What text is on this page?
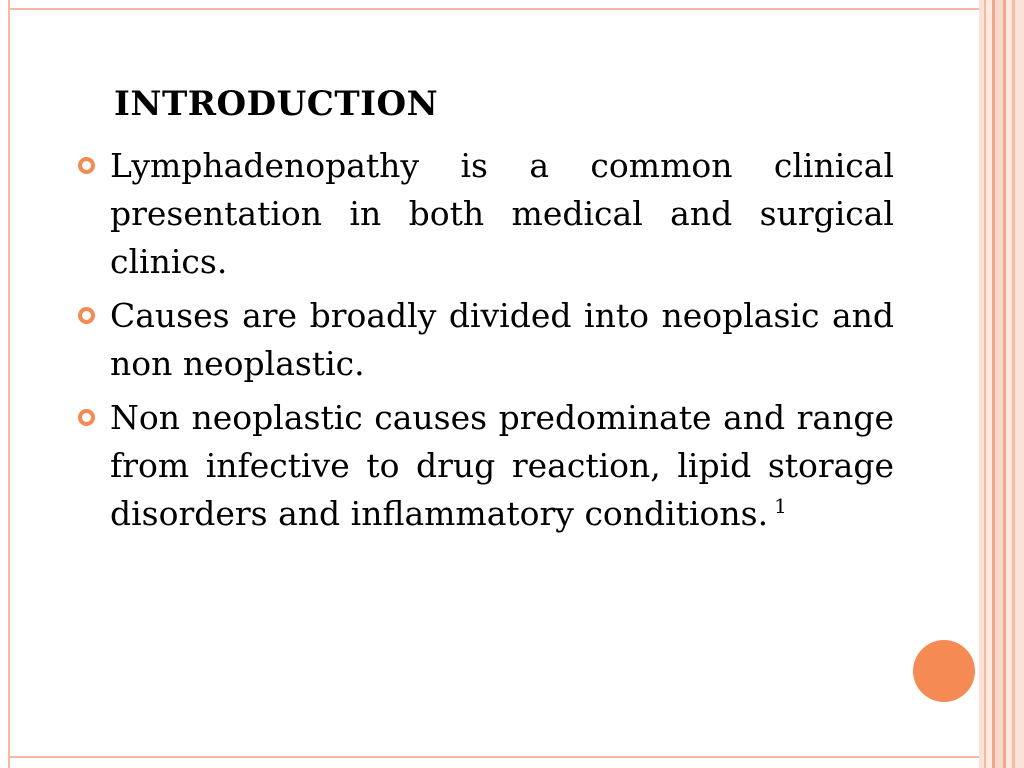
INTRODUCTION
Lymphadenopathy is a common clinical presentation in both medical and surgical clinics.
Causes are broadly divided into neoplasic and non neoplastic.
Non neoplastic causes predominate and range from infective to drug reaction, lipid storage disorders and inflammatory conditions. $^1$
